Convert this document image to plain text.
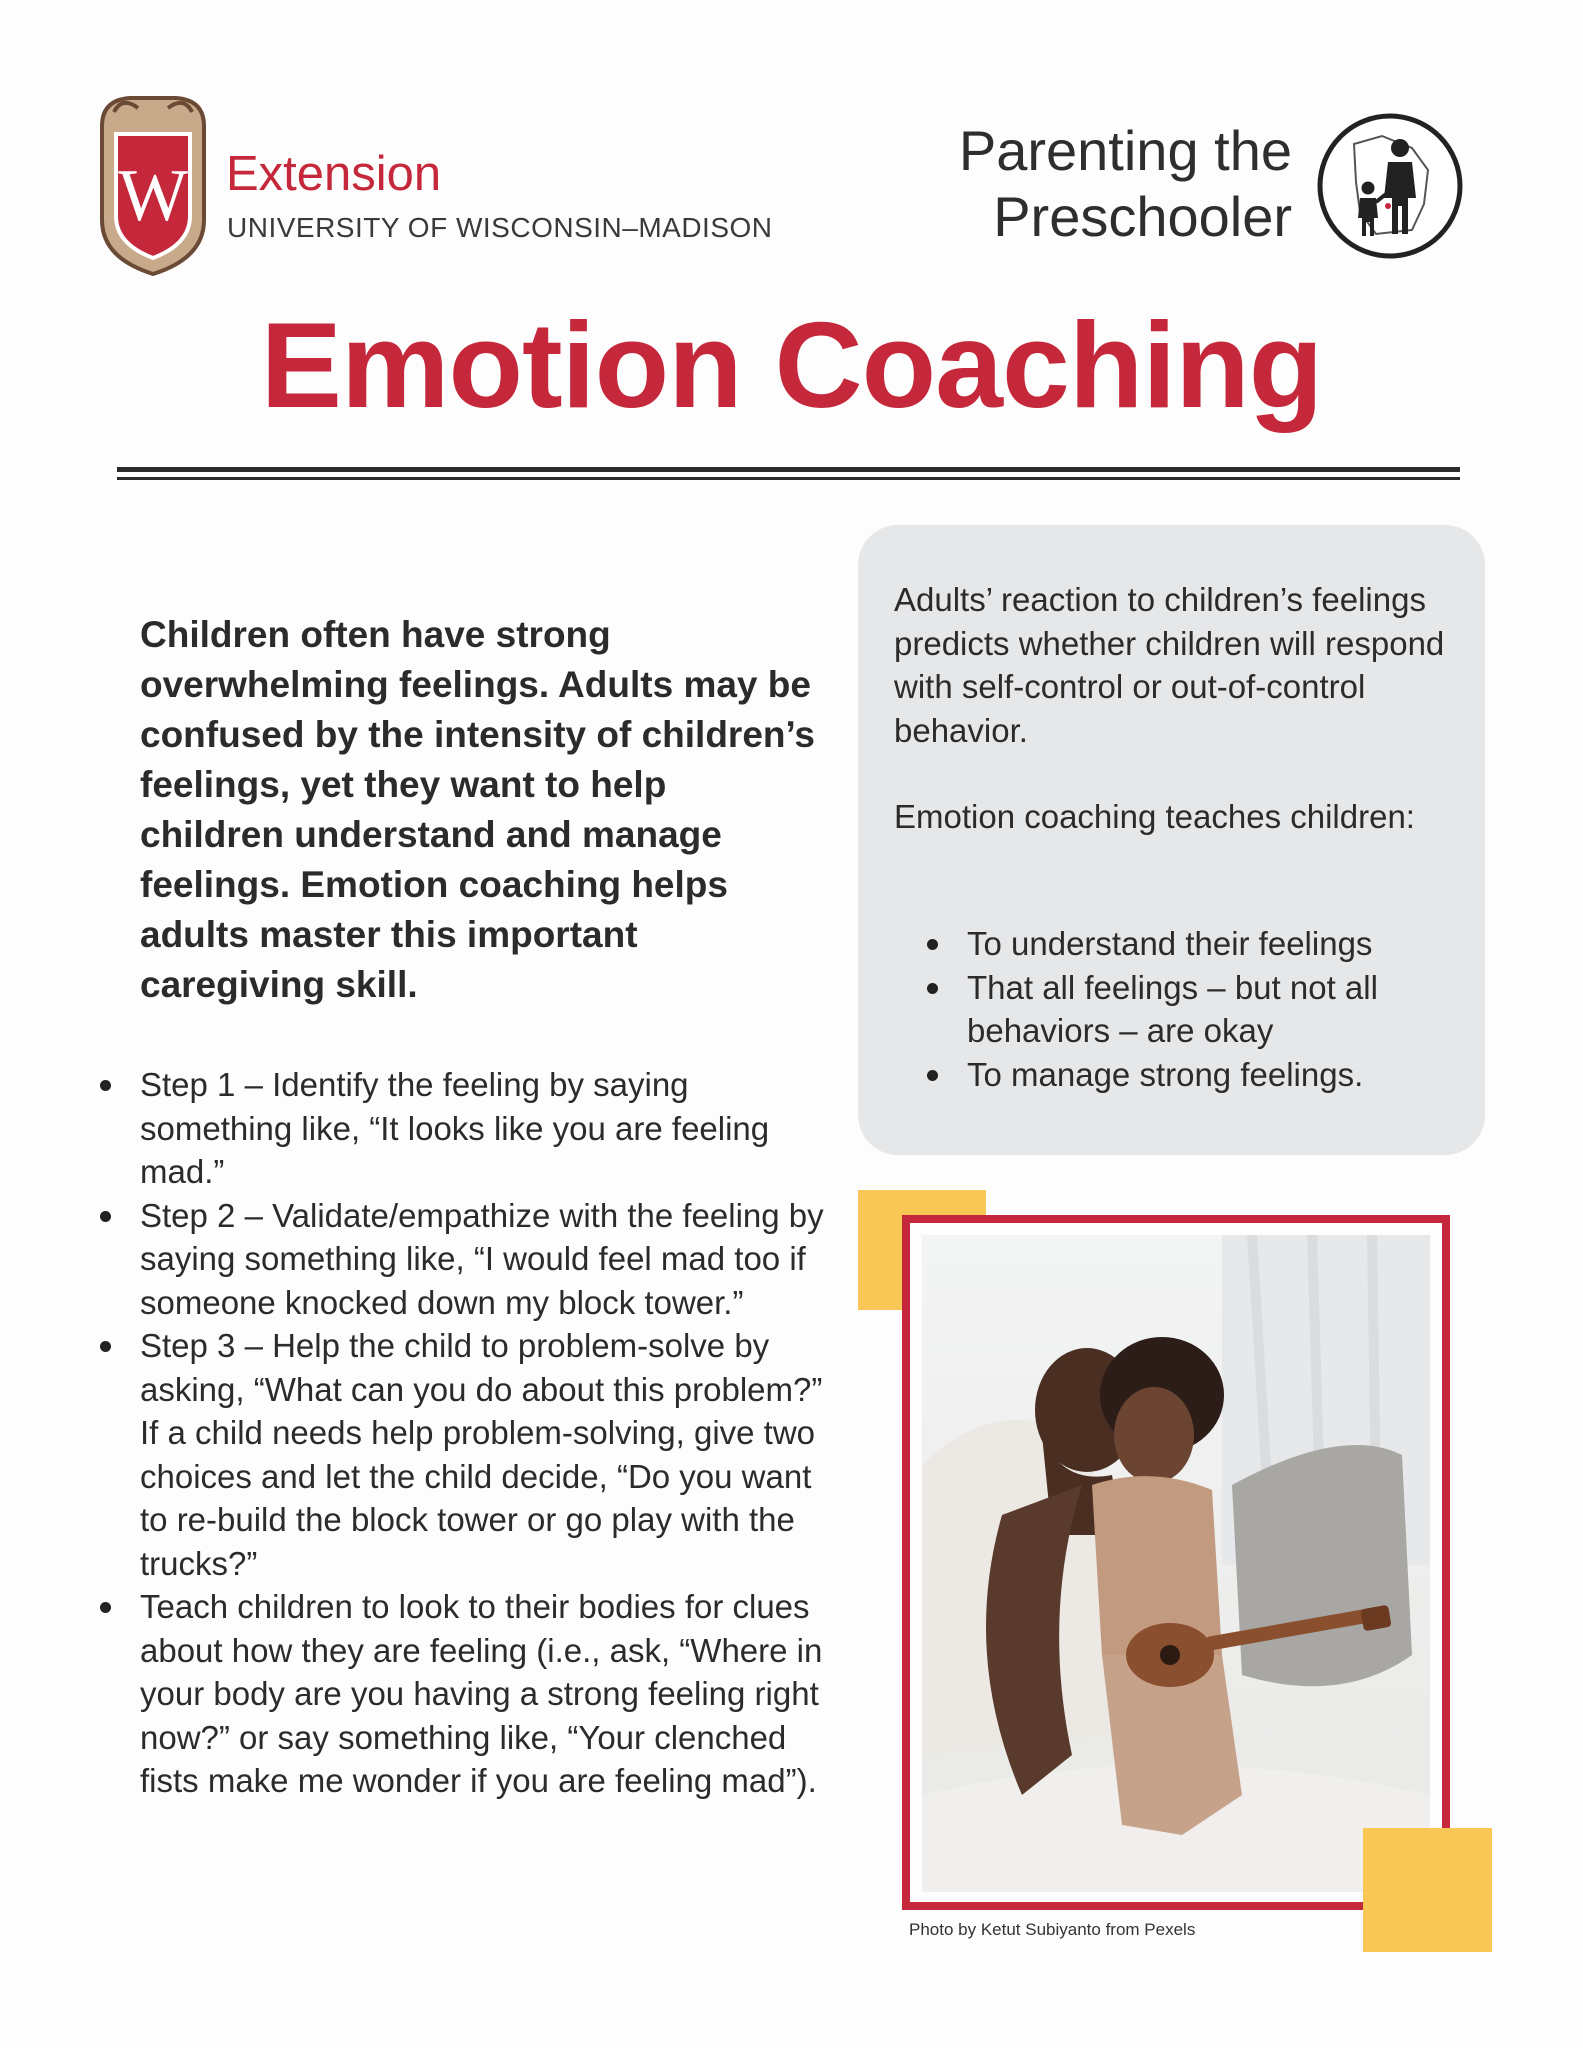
W Extension
UNIVERSITY OF WISCONSIN–MADISON
Parenting the
Preschooler
Emotion Coaching
Children often have strong overwhelming feelings. Adults may be confused by the intensity of children’s feelings, yet they want to help children understand and manage feelings. Emotion coaching helps adults master this important caregiving skill.
Step 1 – Identify the feeling by saying something like, “It looks like you are feeling mad.”
Step 2 – Validate/empathize with the feeling by saying something like, “I would feel mad too if someone knocked down my block tower.”
Step 3 – Help the child to problem-solve by asking, “What can you do about this problem?” If a child needs help problem-solving, give two choices and let the child decide, “Do you want to re-build the block tower or go play with the trucks?”
Teach children to look to their bodies for clues about how they are feeling (i.e., ask, “Where in your body are you having a strong feeling right now?” or say something like, “Your clenched fists make me wonder if you are feeling mad”).
Adults’ reaction to children’s feelings predicts whether children will respond with self-control or out-of-control behavior.
Emotion coaching teaches children:
To understand their feelings
That all feelings – but not all behaviors – are okay
To manage strong feelings.
Photo by Ketut Subiyanto from Pexels
